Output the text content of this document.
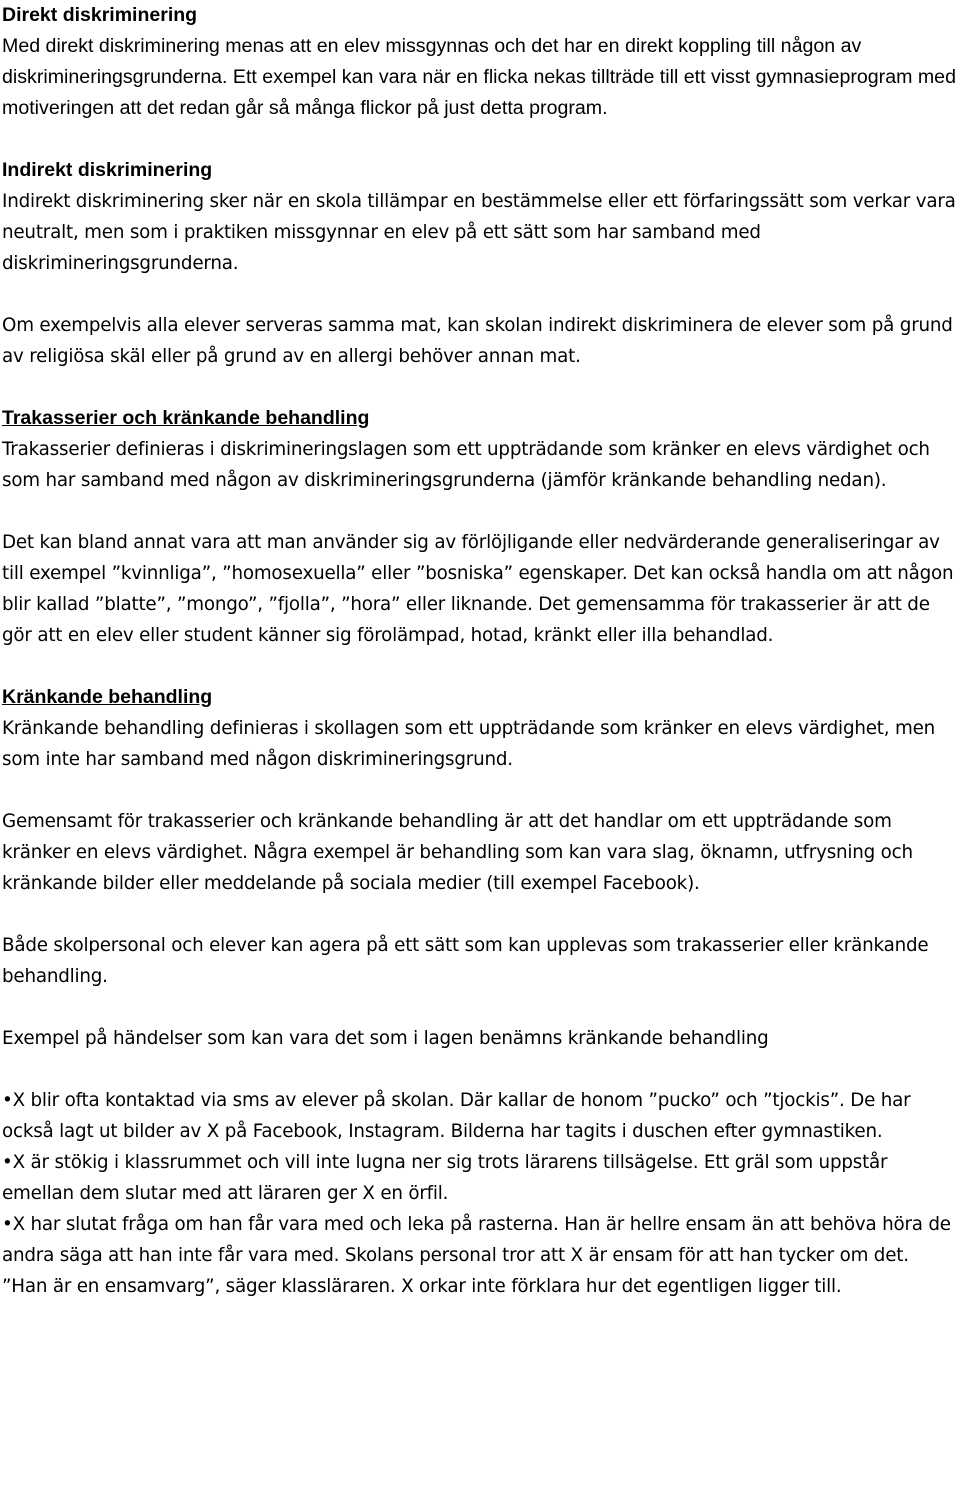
Direkt diskriminering

Med direkt diskriminering menas att en elev missgynnas och det har en direkt koppling till någon av diskrimineringsgrunderna. Ett exempel kan vara när en flicka nekas tillträde till ett visst gymnasieprogram med motiveringen att det redan går så många flickor på just detta program.

Indirekt diskriminering

Indirekt diskriminering sker när en skola tillämpar en bestämmelse eller ett förfaringssätt som verkar vara neutralt, men som i praktiken missgynnar en elev på ett sätt som har samband med diskrimineringsgrunderna.

Om exempelvis alla elever serveras samma mat, kan skolan indirekt diskriminera de elever som på grund av religiösa skäl eller på grund av en allergi behöver annan mat.

Trakasserier och kränkande behandling

Trakasserier definieras i diskrimineringslagen som ett uppträdande som kränker en elevs värdighet och som har samband med någon av diskrimineringsgrunderna (jämför kränkande behandling nedan).

Det kan bland annat vara att man använder sig av förlöjligande eller nedvärderande generaliseringar av till exempel ”kvinnliga”, ”homosexuella” eller ”bosniska” egenskaper. Det kan också handla om att någon blir kallad ”blatte”, ”mongo”, ”fjolla”, ”hora” eller liknande. Det gemensamma för trakasserier är att de gör att en elev eller student känner sig förolämpad, hotad, kränkt eller illa behandlad.

Kränkande behandling

Kränkande behandling definieras i skollagen som ett uppträdande som kränker en elevs värdighet, men som inte har samband med någon diskrimineringsgrund.

Gemensamt för trakasserier och kränkande behandling är att det handlar om ett uppträdande som kränker en elevs värdighet. Några exempel är behandling som kan vara slag, öknamn, utfrysning och kränkande bilder eller meddelande på sociala medier (till exempel Facebook).

Både skolpersonal och elever kan agera på ett sätt som kan upplevas som trakasserier eller kränkande behandling.

Exempel på händelser som kan vara det som i lagen benämns kränkande behandling

•X blir ofta kontaktad via sms av elever på skolan. Där kallar de honom ”pucko” och ”tjockis”. De har också lagt ut bilder av X på Facebook, Instagram. Bilderna har tagits i duschen efter gymnastiken.

•X är stökig i klassrummet och vill inte lugna ner sig trots lärarens tillsägelse. Ett gräl som uppstår emellan dem slutar med att läraren ger X en örfil.

•X har slutat fråga om han får vara med och leka på rasterna. Han är hellre ensam än att behöva höra de andra säga att han inte får vara med. Skolans personal tror att X är ensam för att han tycker om det. ”Han är en ensamvarg”, säger klassläraren. X orkar inte förklara hur det egentligen ligger till.
